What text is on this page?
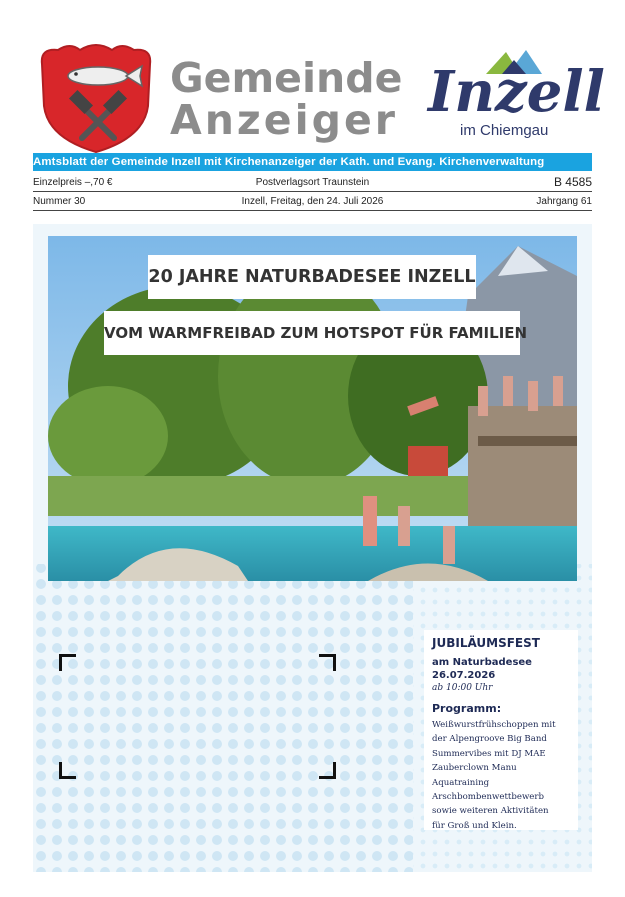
Gemeinde
Anzeiger Inzell
im Chiemgau
Amtsblatt der Gemeinde Inzell mit Kirchenanzeiger der Kath. und Evang. Kirchenverwaltung
Einzelpreis –,70 €	Postverlagsort Traunstein	B 4585
Nummer 30	Inzell, Freitag, den 24. Juli 2026	Jahrgang 61
20 JAHRE NATURBADESEE INZELL
VOM WARMFREIBAD ZUM HOTSPOT FÜR FAMILIEN
JUBILÄUMSFEST
am Naturbadesee
26.07.2026
ab 10:00 Uhr
Programm:
Weißwurstfrühschoppen mit
der Alpengroove Big Band
Summervibes mit DJ MAE
Zauberclown Manu
Aquatraining
Arschbombenwettbewerb
sowie weiteren Aktivitäten
für Groß und Klein.
